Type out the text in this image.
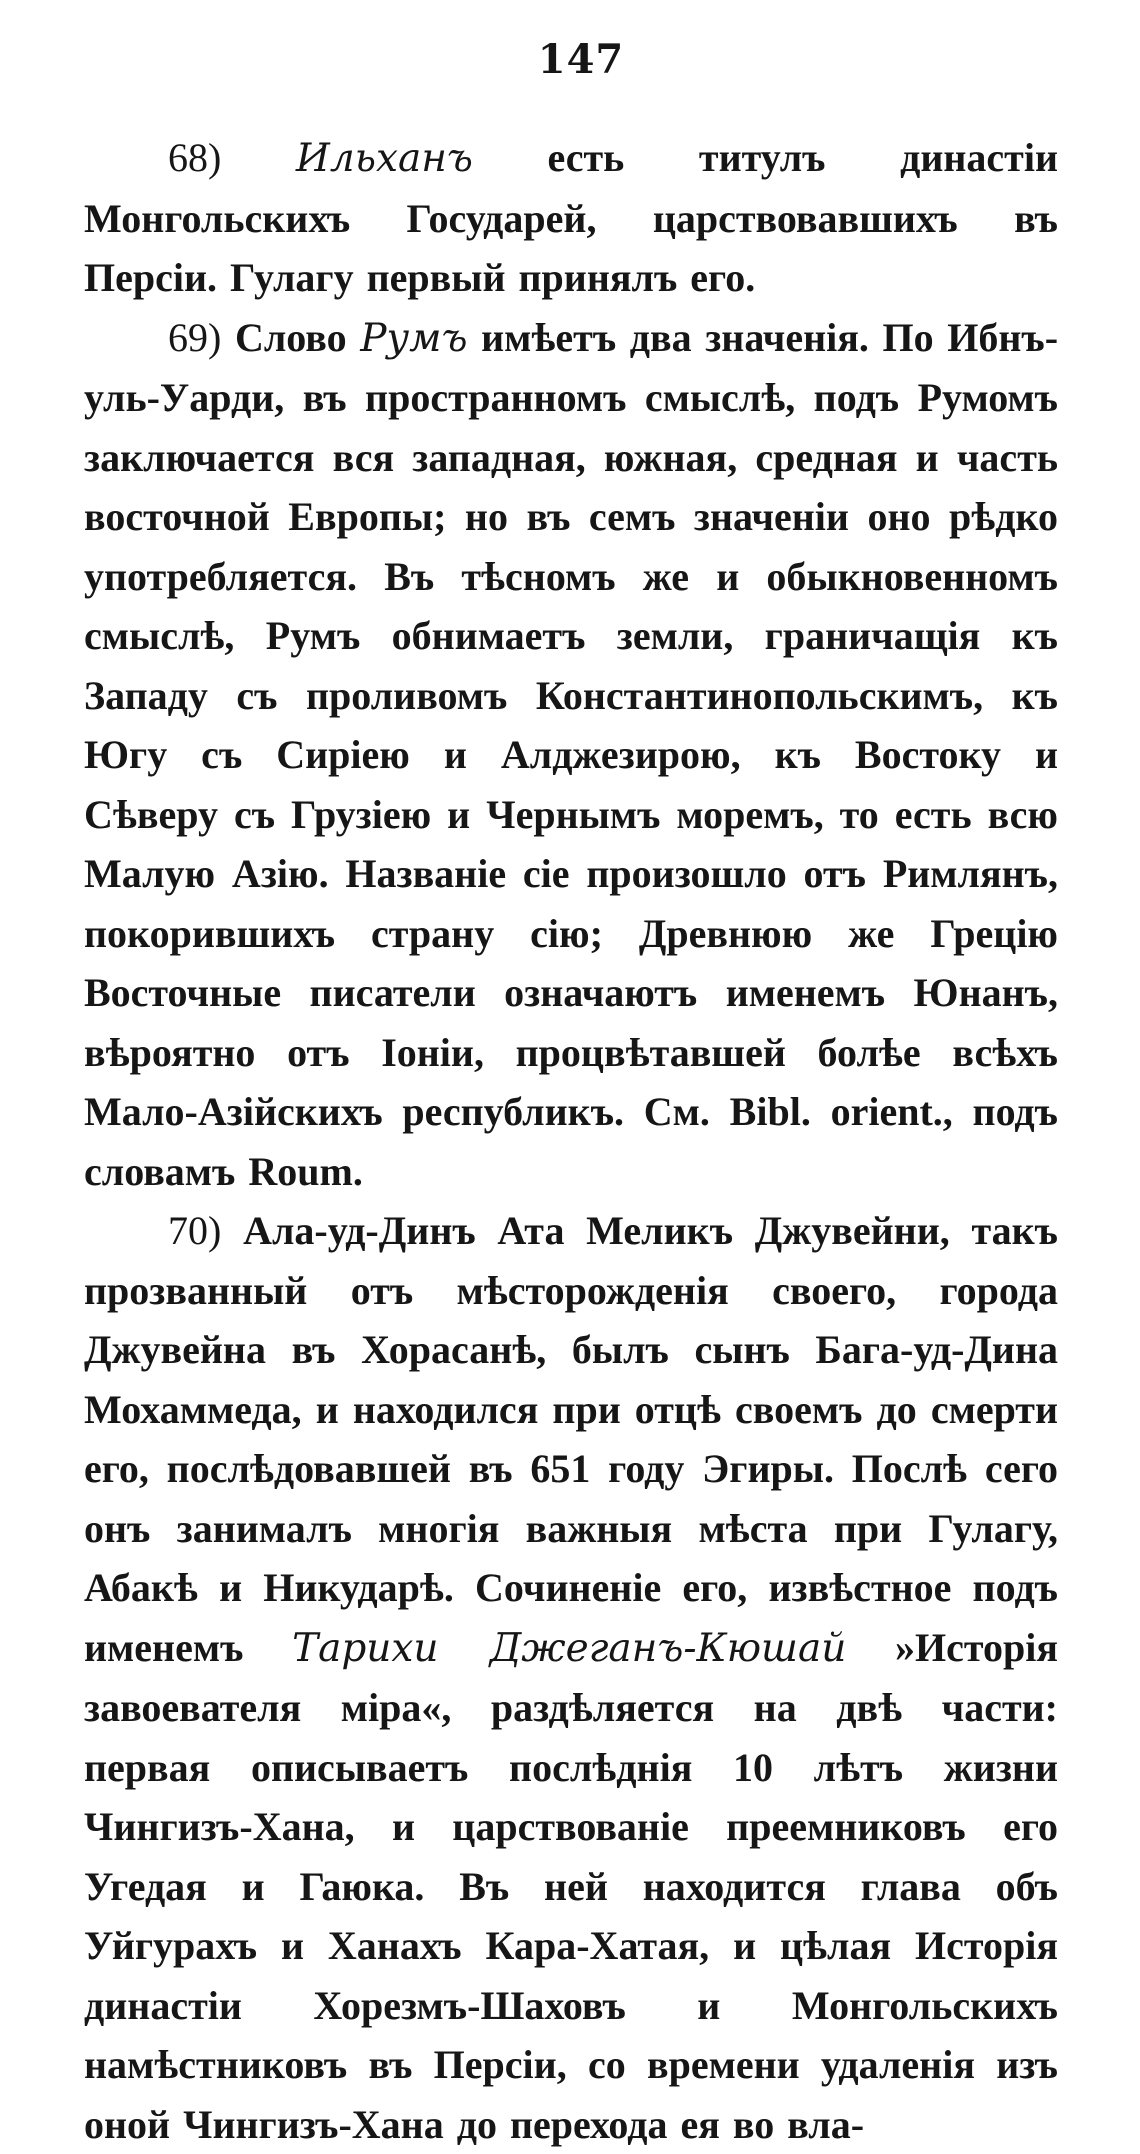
147

68) Ильханъ есть титулъ династіи Монгольскихъ Государей, царствовавшихъ въ Персіи. Гулагу первый принялъ его.

69) Слово Румъ имѣетъ два значенія. По Ибнъ-уль-Уарди, въ пространномъ смыслѣ, подъ Румомъ заключается вся западная, южная, средная и часть восточной Европы; но въ семъ значеніи оно рѣдко употребляется. Въ тѣсномъ же и обыкновенномъ смыслѣ, Румъ обнимаетъ земли, граничащія къ Западу съ проливомъ Константинопольскимъ, къ Югу съ Сиріею и Алджезирою, къ Востоку и Сѣверу съ Грузіею и Чернымъ моремъ, то есть всю Малую Азію. Названіе сіе произошло отъ Римлянъ, покорившихъ страну сію; Древнюю же Грецію Восточные писатели означаютъ именемъ Юнанъ, вѣроятно отъ Іоніи, процвѣтавшей болѣе всѣхъ Мало-Азійскихъ республикъ. См. Bibl. orient., подъ словамъ Roum.

70) Ала-уд-Динъ Ата Меликъ Джувейни, такъ прозванный отъ мѣсторожденія своего, города Джувейна въ Хорасанѣ, былъ сынъ Бага-уд-Дина Мохаммеда, и находился при отцѣ своемъ до смерти его, послѣдовавшей въ 651 году Эгиры. Послѣ сего онъ занималъ многія важныя мѣста при Гулагу, Абакѣ и Никударѣ. Сочиненіе его, извѣстное подъ именемъ Тарихи Джеганъ-Кюшай »Исторія завоевателя міра«, раздѣляется на двѣ части: первая описываетъ послѣднія 10 лѣтъ жизни Чингизъ-Хана, и царствованіе преемниковъ его Угедая и Гаюка. Въ ней находится глава объ Уйгурахъ и Ханахъ Кара-Хатая, и цѣлая Исторія династіи Хорезмъ-Шаховъ и Монгольскихъ намѣстниковъ въ Персіи, со времени удаленія изъ оной Чингизъ-Хана до перехода ея во вла-
